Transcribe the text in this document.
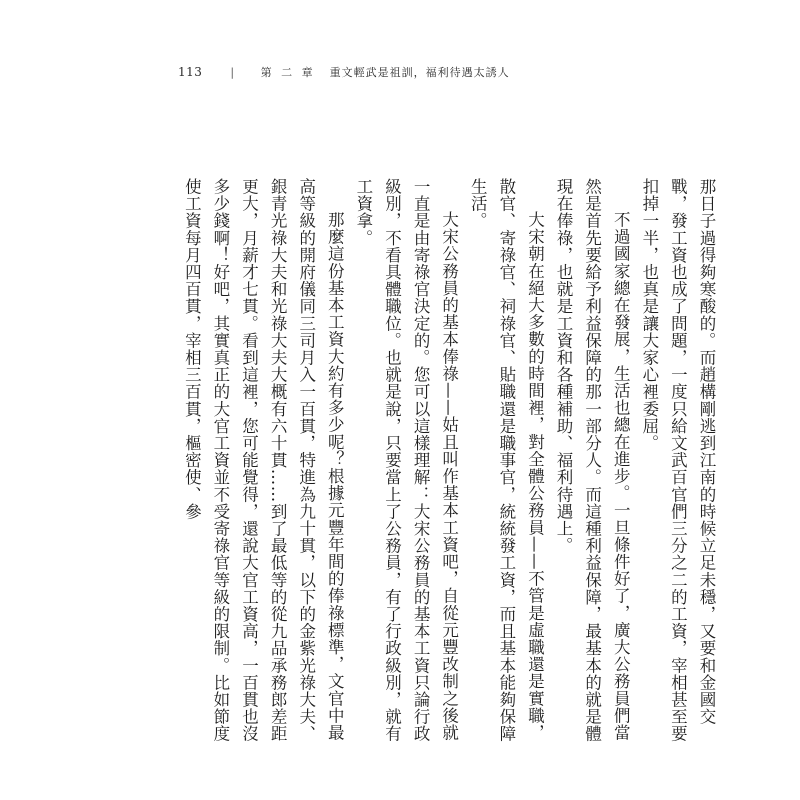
113	| 第 二 章 重文輕武是祖訓，福利待遇太誘人

那日子過得夠寒酸的。而趙構剛逃到江南的時候立足未穩，又要和金國交戰，發工資也成了問題，一度只給文武百官們三分之二的工資，宰相甚至要扣掉一半，也真是讓大家心裡委屈。

不過國家總在發展，生活也總在進步。一旦條件好了，廣大公務員們當然是首先要給予利益保障的那一部分人。而這種利益保障，最基本的就是體現在俸祿，也就是工資和各種補助、福利待遇上。

大宋朝在絕大多數的時間裡，對全體公務員——不管是虛職還是實職，散官、寄祿官、祠祿官、貼職還是職事官，統統發工資，而且基本能夠保障生活。

大宋公務員的基本俸祿——姑且叫作基本工資吧，自從元豐改制之後就一直是由寄祿官決定的。您可以這樣理解：大宋公務員的基本工資只論行政級別，不看具體職位。也就是說，只要當上了公務員，有了行政級別，就有工資拿。

那麼這份基本工資大約有多少呢？根據元豐年間的俸祿標準，文官中最高等級的開府儀同三司月入一百貫，特進為九十貫，以下的金紫光祿大夫、銀青光祿大夫和光祿大夫大概有六十貫……到了最低等的從九品承務郎差距更大，月薪才七貫。看到這裡，您可能覺得，還說大官工資高，一百貫也沒多少錢啊！好吧，其實真正的大官工資並不受寄祿官等級的限制。比如節度使工資每月四百貫，宰相三百貫，樞密使、參
